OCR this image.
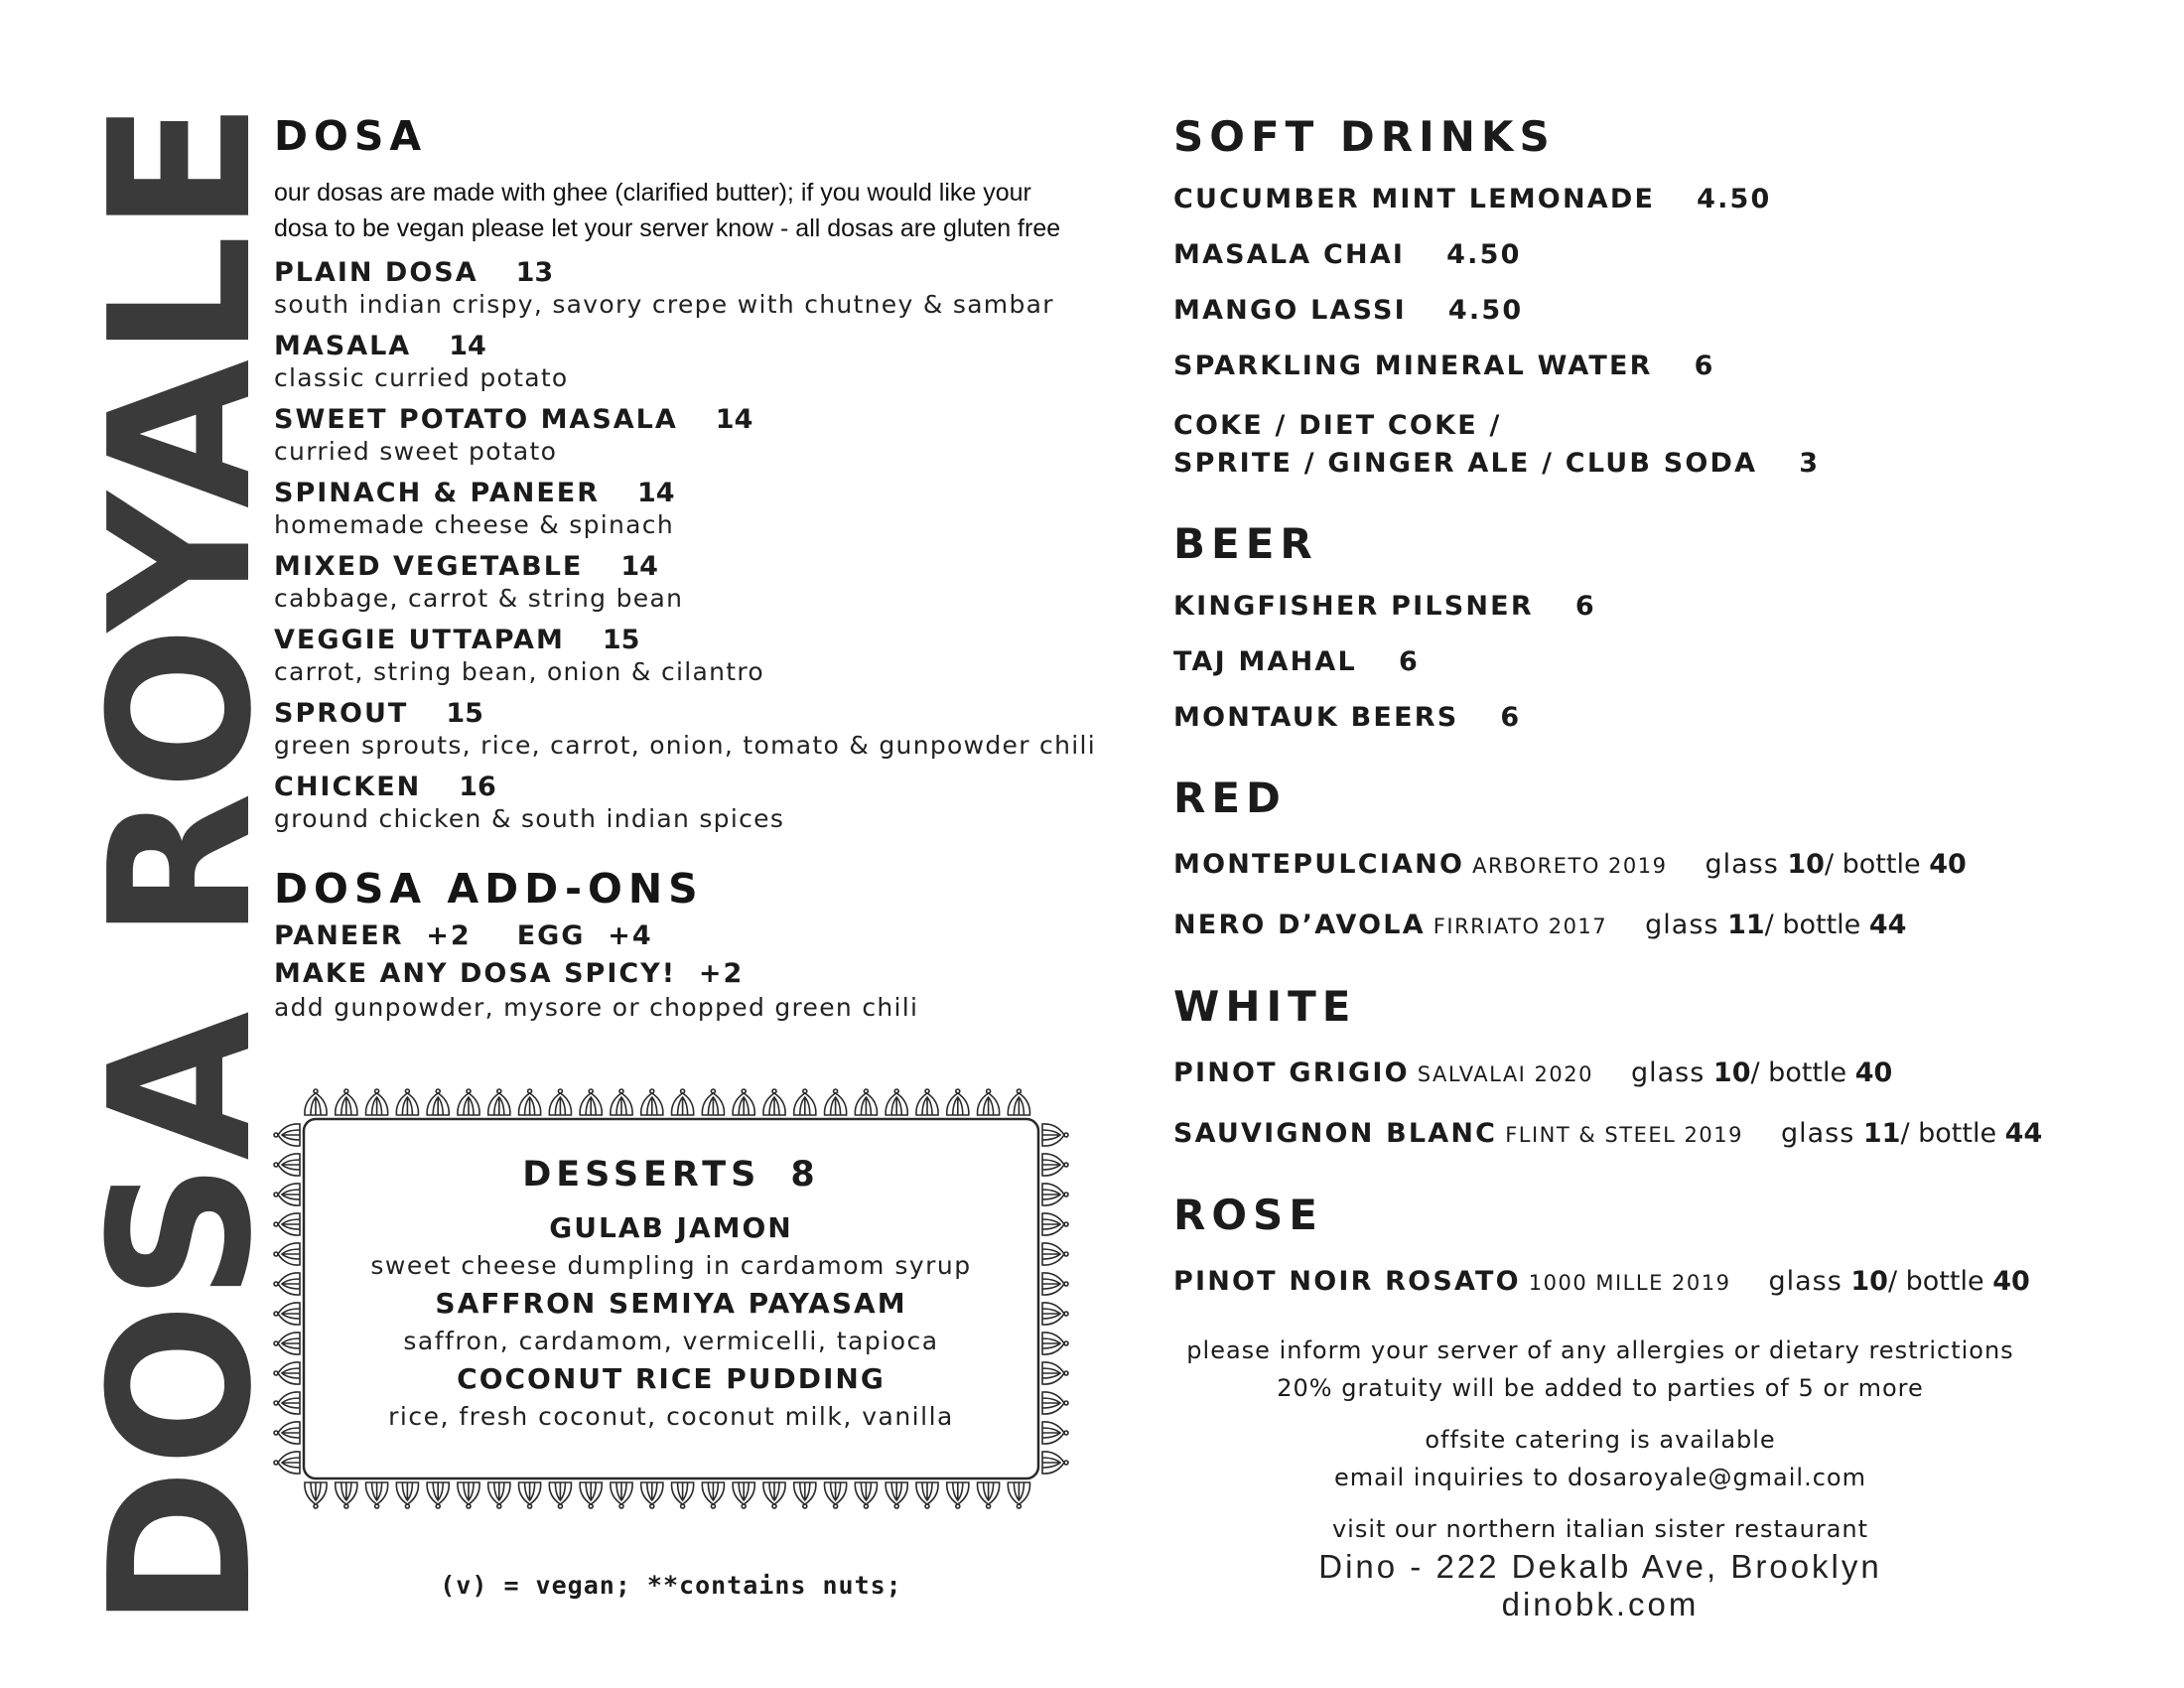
DOSA ROYALE
DOSA
our dosas are made with ghee (clarified butter); if you would like your
dosa to be vegan please let your server know - all dosas are gluten free
PLAIN DOSA 13
south indian crispy, savory crepe with chutney & sambar
MASALA 14
classic curried potato
SWEET POTATO MASALA 14
curried sweet potato
SPINACH & PANEER 14
homemade cheese & spinach
MIXED VEGETABLE 14
cabbage, carrot & string bean
VEGGIE UTTAPAM 15
carrot, string bean, onion & cilantro
SPROUT 15
green sprouts, rice, carrot, onion, tomato & gunpowder chili
CHICKEN 16
ground chicken & south indian spices
DOSA ADD-ONS
PANEER  +2 EGG  +4
MAKE ANY DOSA SPICY!  +2
add gunpowder, mysore or chopped green chili
DESSERTS 8
GULAB JAMON
sweet cheese dumpling in cardamom syrup
SAFFRON SEMIYA PAYASAM
saffron, cardamom, vermicelli, tapioca
COCONUT RICE PUDDING
rice, fresh coconut, coconut milk, vanilla
(v) = vegan; **contains nuts;
SOFT DRINKS
CUCUMBER MINT LEMONADE 4.50
MASALA CHAI 4.50
MANGO LASSI 4.50
SPARKLING MINERAL WATER 6
COKE / DIET COKE /
SPRITE / GINGER ALE / CLUB SODA 3
BEER
KINGFISHER PILSNER 6
TAJ MAHAL 6
MONTAUK BEERS 6
RED
MONTEPULCIANO ARBORETO 2019 glass 10/ bottle 40
NERO D’AVOLA FIRRIATO 2017 glass 11/ bottle 44
WHITE
PINOT GRIGIO SALVALAI 2020 glass 10/ bottle 40
SAUVIGNON BLANC FLINT & STEEL 2019 glass 11/ bottle 44
ROSE
PINOT NOIR ROSATO 1000 MILLE 2019 glass 10/ bottle 40
please inform your server of any allergies or dietary restrictions
20% gratuity will be added to parties of 5 or more
offsite catering is available
email inquiries to dosaroyale@gmail.com
visit our northern italian sister restaurant
Dino - 222 Dekalb Ave, Brooklyn
dinobk.com
